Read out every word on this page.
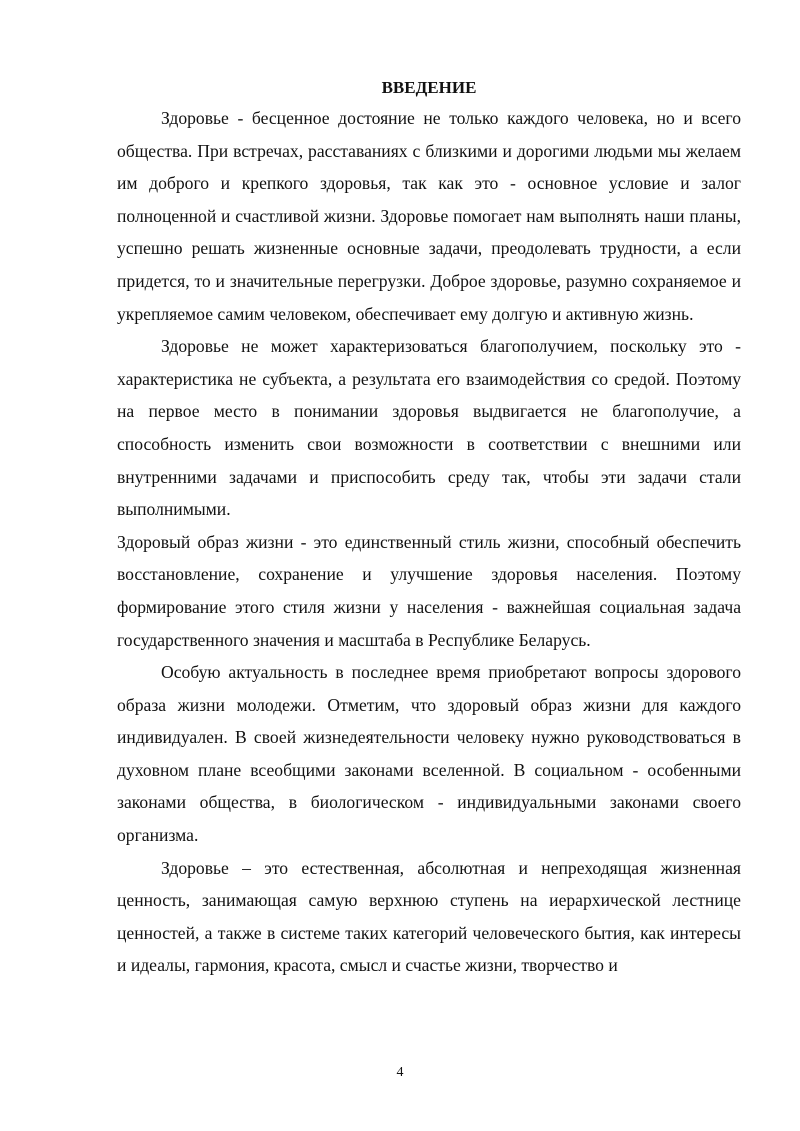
ВВЕДЕНИЕ

Здоровье - бесценное достояние не только каждого человека, но и всего общества. При встречах, расставаниях с близкими и дорогими людьми мы желаем им доброго и крепкого здоровья, так как это - основное условие и залог полноценной и счастливой жизни. Здоровье помогает нам выполнять наши планы, успешно решать жизненные основные задачи, преодолевать трудности, а если придется, то и значительные перегрузки. Доброе здоровье, разумно сохраняемое и укрепляемое самим человеком, обеспечивает ему долгую и активную жизнь.

Здоровье не может характеризоваться благополучием, поскольку это - характеристика не субъекта, а результата его взаимодействия со средой. Поэтому на первое место в понимании здоровья выдвигается не благополучие, а способность изменить свои возможности в соответствии с внешними или внутренними задачами и приспособить среду так, чтобы эти задачи стали выполнимыми.

Здоровый образ жизни - это единственный стиль жизни, способный обеспечить восстановление, сохранение и улучшение здоровья населения. Поэтому формирование этого стиля жизни у населения - важнейшая социальная задача государственного значения и масштаба в Республике Беларусь.

Особую актуальность в последнее время приобретают вопросы здорового образа жизни молодежи. Отметим, что здоровый образ жизни для каждого индивидуален. В своей жизнедеятельности человеку нужно руководствоваться в духовном плане всеобщими законами вселенной. В социальном - особенными законами общества, в биологическом - индивидуальными законами своего организма.

Здоровье – это естественная, абсолютная и непреходящая жизненная ценность, занимающая самую верхнюю ступень на иерархической лестнице ценностей, а также в системе таких категорий человеческого бытия, как интересы и идеалы, гармония, красота, смысл и счастье жизни, творчество и

4
